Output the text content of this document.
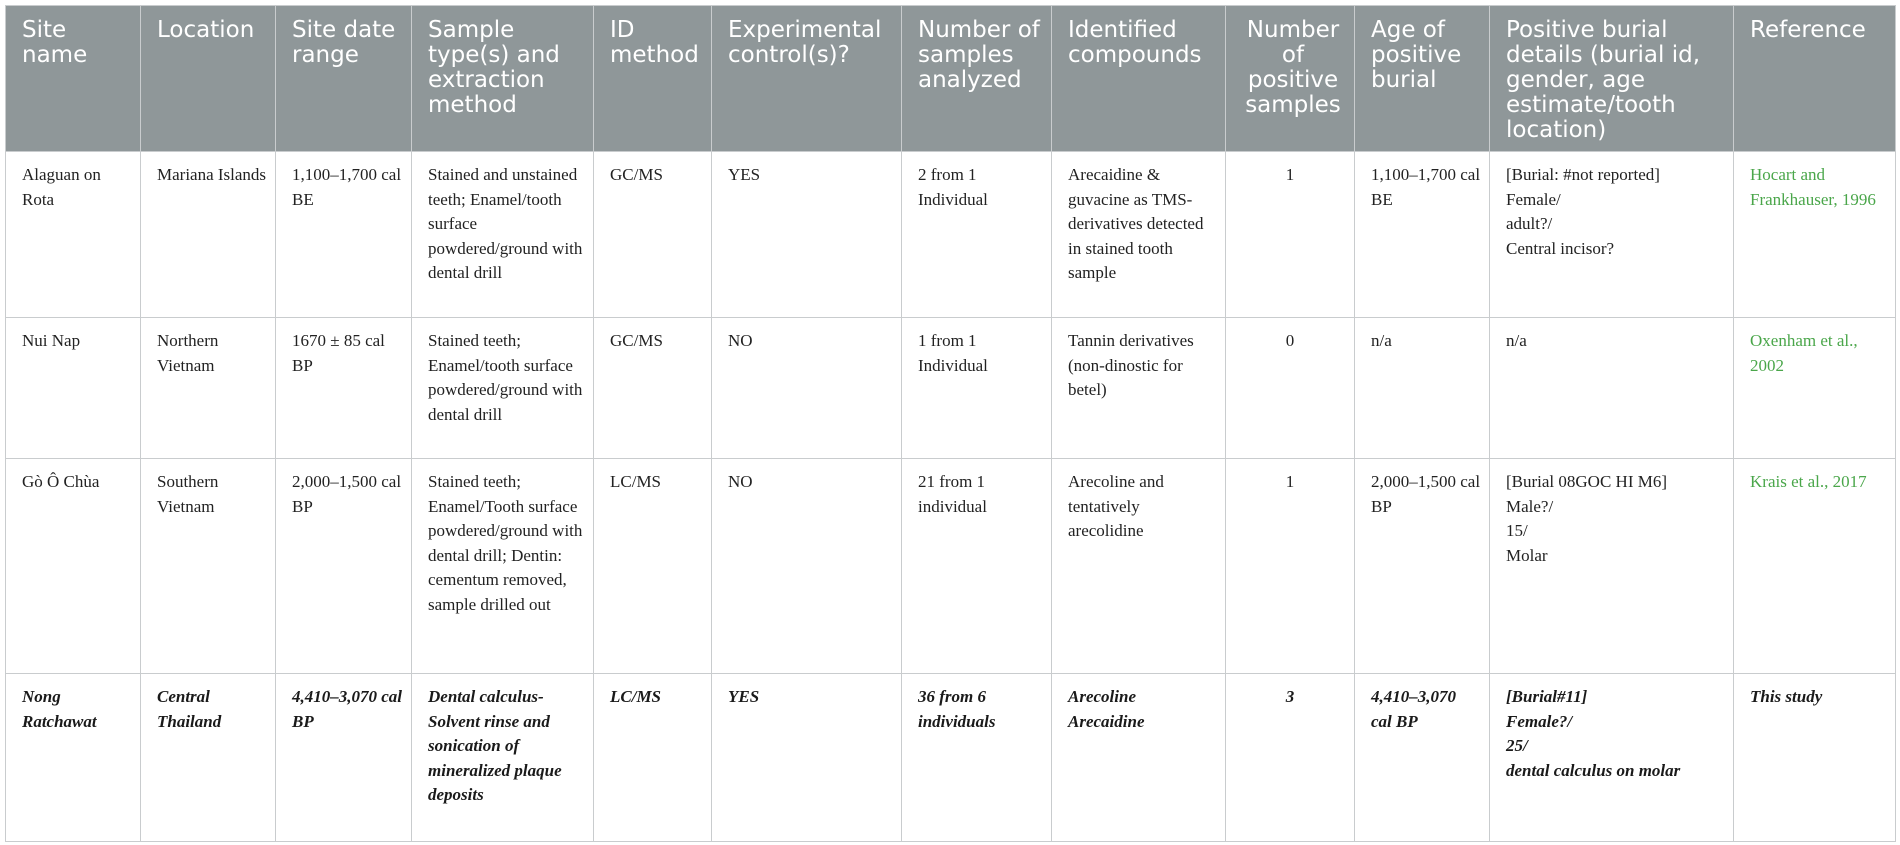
Site name	Location	Site date range	Sample type(s) and extraction method	ID method	Experimental control(s)?	Number of samples analyzed	Identified compounds	Number of positive samples	Age of positive burial	Positive burial details (burial id, gender, age estimate/tooth location)	Reference
Alaguan on Rota	Mariana Islands	1,100–1,700 cal BE	Stained and unstained teeth; Enamel/tooth surface powdered/ground with dental drill	GC/MS	YES	2 from 1 Individual	Arecaidine & guvacine as TMS-derivatives detected in stained tooth sample	1	1,100–1,700 cal BE	[Burial: #not reported]
Female/
adult?/
Central incisor?	Hocart and Frankhauser, 1996
Nui Nap	Northern Vietnam	1670 ± 85 cal BP	Stained teeth; Enamel/tooth surface powdered/ground with dental drill	GC/MS	NO	1 from 1 Individual	Tannin derivatives (non-dinostic for betel)	0	n/a	n/a	Oxenham et al., 2002
Gò Ô Chùa	Southern Vietnam	2,000–1,500 cal BP	Stained teeth; Enamel/Tooth surface powdered/ground with dental drill; Dentin: cementum removed, sample drilled out	LC/MS	NO	21 from 1 individual	Arecoline and tentatively arecolidine	1	2,000–1,500 cal BP	[Burial 08GOC HI M6]
Male?/
15/
Molar	Krais et al., 2017
Nong Ratchawat	Central Thailand	4,410–3,070 cal BP	Dental calculus-Solvent rinse and sonication of mineralized plaque deposits	LC/MS	YES	36 from 6 individuals	Arecoline
Arecaidine	3	4,410–3,070 cal BP	[Burial#11]
Female?/
25/
dental calculus on molar	This study
